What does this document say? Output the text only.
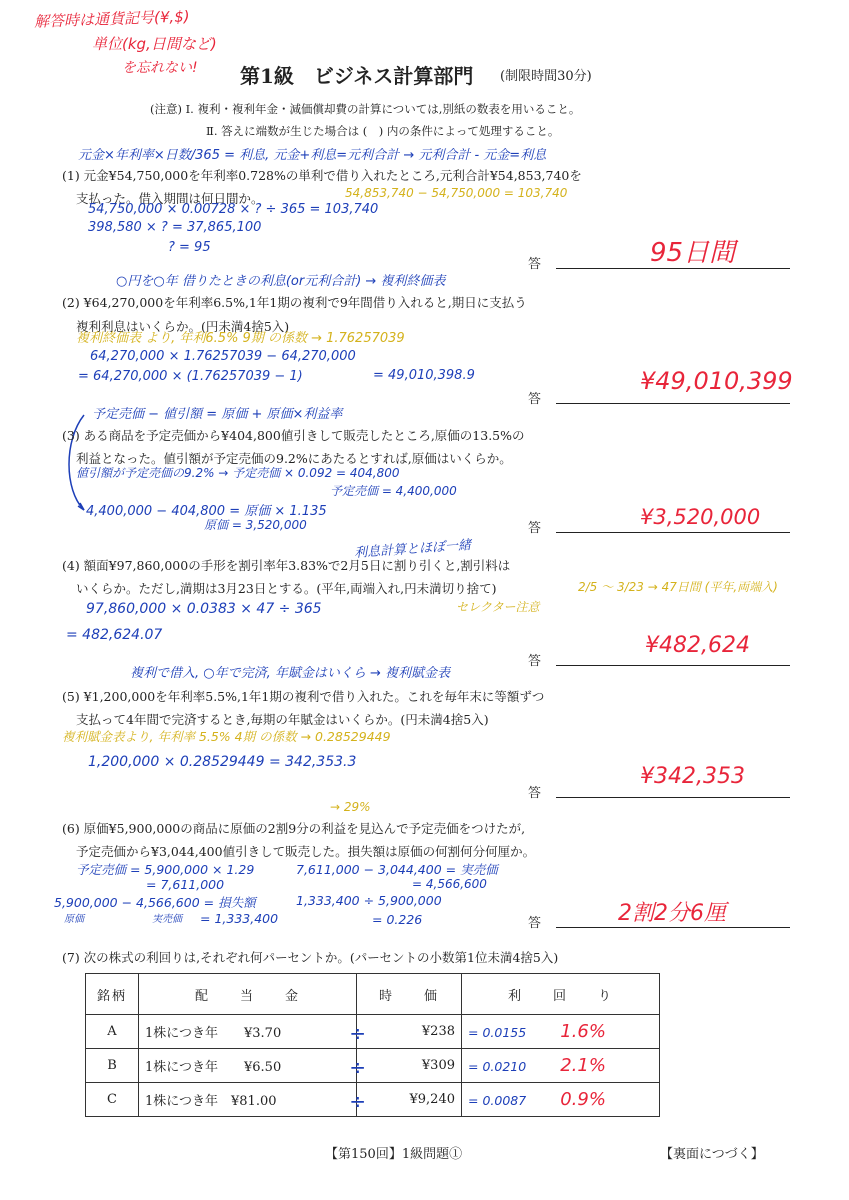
解答時は通貨記号(¥,$)
単位(kg,日間など)
を忘れない! 第1級　ビジネス計算部門 (制限時間30分)
(注意) Ⅰ. 複利・複利年金・減価償却費の計算については,別紙の数表を用いること。
Ⅱ. 答えに端数が生じた場合は (　) 内の条件によって処理すること。
元金×年利率×日数/365 = 利息, 元金+利息=元利合計 → 元利合計 - 元金=利息
(1) 元金¥54,750,000を年利率0.728%の単利で借り入れたところ,元利合計¥54,853,740を
支払った。借入期間は何日間か。	54,853,740 − 54,750,000 = 103,740
54,750,000 × 0.00728 × ? ÷ 365 = 103,740
398,580 × ? = 37,865,100
? = 95
答	95日間
○円を○年 借りたときの利息(or元利合計) → 複利終価表
(2) ¥64,270,000を年利率6.5%,1年1期の複利で9年間借り入れると,期日に支払う
複利利息はいくらか。(円未満4捨5入)
複利終価表 より, 年利6.5% 9期 の係数 → 1.76257039
64,270,000 × 1.76257039 − 64,270,000
= 64,270,000 × (1.76257039 − 1)	= 49,010,398.9
答
¥49,010,399
予定売価 − 値引額 = 原価 + 原価×利益率
(3) ある商品を予定売価から¥404,800値引きして販売したところ,原価の13.5%の
利益となった。値引額が予定売価の9.2%にあたるとすれば,原価はいくらか。
値引額が予定売価の9.2% → 予定売価 × 0.092 = 404,800
予定売価 = 4,400,000
4,400,000 − 404,800 = 原価 × 1.135
原価 = 3,520,000	答	¥3,520,000
利息計算とほぼ一緒
(4) 額面¥97,860,000の手形を割引率年3.83%で2月5日に割り引くと,割引料は
いくらか。ただし,満期は3月23日とする。(平年,両端入れ,円未満切り捨て)	2/5 〜 3/23 → 47日間 (平年,両端入)
セレクター注意
97,860,000 × 0.0383 × 47 ÷ 365
= 482,624.07
答
¥482,624
複利で借入, ○年で完済, 年賦金はいくら → 複利賦金表
(5) ¥1,200,000を年利率5.5%,1年1期の複利で借り入れた。これを毎年末に等額ずつ
支払って4年間で完済するとき,毎期の年賦金はいくらか。(円未満4捨5入)
複利賦金表より, 年利率 5.5% 4期 の係数 → 0.28529449
1,200,000 × 0.28529449 = 342,353.3
答
¥342,353
→ 29%
(6) 原価¥5,900,000の商品に原価の2割9分の利益を見込んで予定売価をつけたが,
予定売価から¥3,044,400値引きして販売した。損失額は原価の何割何分何厘か。
予定売価 = 5,900,000 × 1.29
= 7,611,000
7,611,000 − 3,044,400 = 実売価
= 4,566,600
5,900,000 − 4,566,600 = 損失額
原価	実売価 = 1,333,400
1,333,400 ÷ 5,900,000
= 0.226	答	2割2分6厘
(7) 次の株式の利回りは,それぞれ何パーセントか。(パーセントの小数第1位未満4捨5入)
銘柄	配　　当　　金	時　　価	利　　回　　り
A	1株につき年　　¥3.70 ÷	¥238	= 0.0155 1.6%
B	1株につき年　　¥6.50 ÷	¥309	= 0.0210 2.1%
C	1株につき年　¥81.00 ÷	¥9,240	= 0.0087 0.9%
【第150回】1級問題①	【裏面につづく】
